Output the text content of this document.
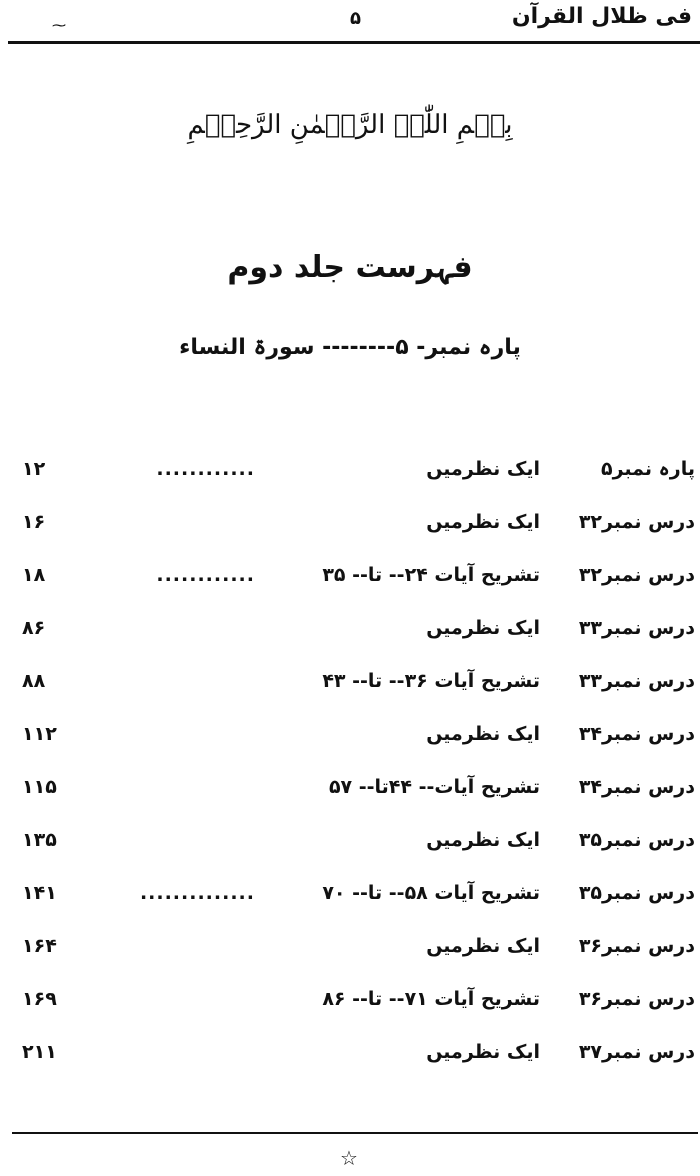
فی ظلال القرآن
۵
⁓
بِسۡمِ اللّٰہِ الرَّحۡمٰنِ الرَّحِیۡمِ
فہرست جلد دوم
پارہ نمبر- ۵-------- سورۃ النساء
پارہ نمبر۵
ایک نظرمیں
............
۱۲
درس نمبر۳۲
ایک نظرمیں
۱۶
درس نمبر۳۲
تشریح آیات ۲۴-- تا-- ۳۵
............
۱۸
درس نمبر۳۳
ایک نظرمیں
۸۶
درس نمبر۳۳
تشریح آیات ۳۶-- تا-- ۴۳
۸۸
درس نمبر۳۴
ایک نظرمیں
۱۱۲
درس نمبر۳۴
تشریح آیات-- ۴۴تا-- ۵۷
۱۱۵
درس نمبر۳۵
ایک نظرمیں
۱۳۵
درس نمبر۳۵
تشریح آیات ۵۸-- تا-- ۷۰
..............
۱۴۱
درس نمبر۳۶
ایک نظرمیں
۱۶۴
درس نمبر۳۶
تشریح آیات ۷۱-- تا-- ۸۶
۱۶۹
درس نمبر۳۷
ایک نظرمیں
۲۱۱
☆
